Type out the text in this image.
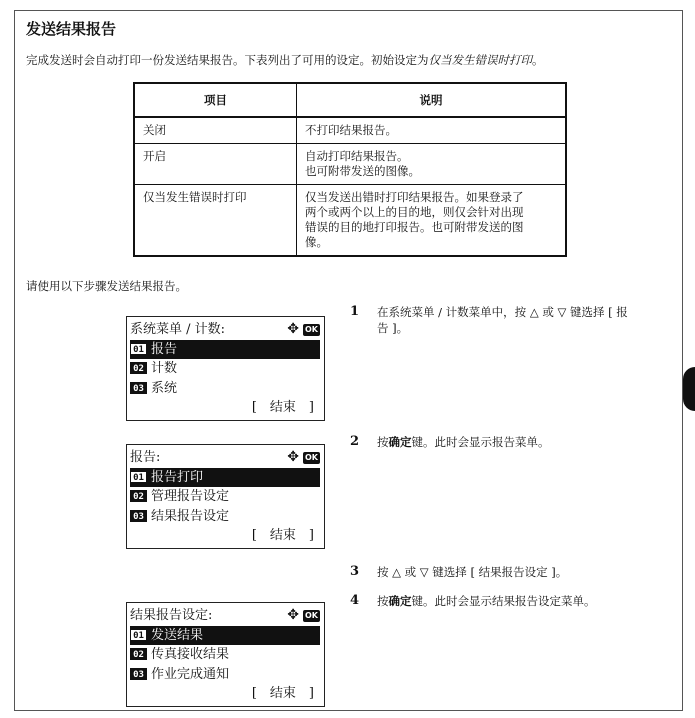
发送结果报告
完成发送时会自动打印一份发送结果报告。下表列出了可用的设定。初始设定为仅当发生错误时打印。
项目	说明
关闭	不打印结果报告。

开启	自动打印结果报告。
也可附带发送的图像。

仅当发生错误时打印	仅当发送出错时打印结果报告。如果登录了
两个或两个以上的目的地，则仅会针对出现
错误的目的地打印报告。也可附带发送的图
像。
请使用以下步骤发送结果报告。
系统菜单 / 计数:	✥ OK
01 报告
02 计数
03 系统
[　结束　]
报告:	✥ OK
01 报告打印
02 管理报告设定
03 结果报告设定
[　结束　]
结果报告设定:	✥ OK
01 发送结果
02 传真接收结果
03 作业完成通知
[　结束　]
1 在系统菜单 / 计数菜单中，按 △ 或 ▽ 键选择 [ 报
告 ]。
2 按确定键。此时会显示报告菜单。
3 按 △ 或 ▽ 键选择 [ 结果报告设定 ]。
4 按确定键。此时会显示结果报告设定菜单。
